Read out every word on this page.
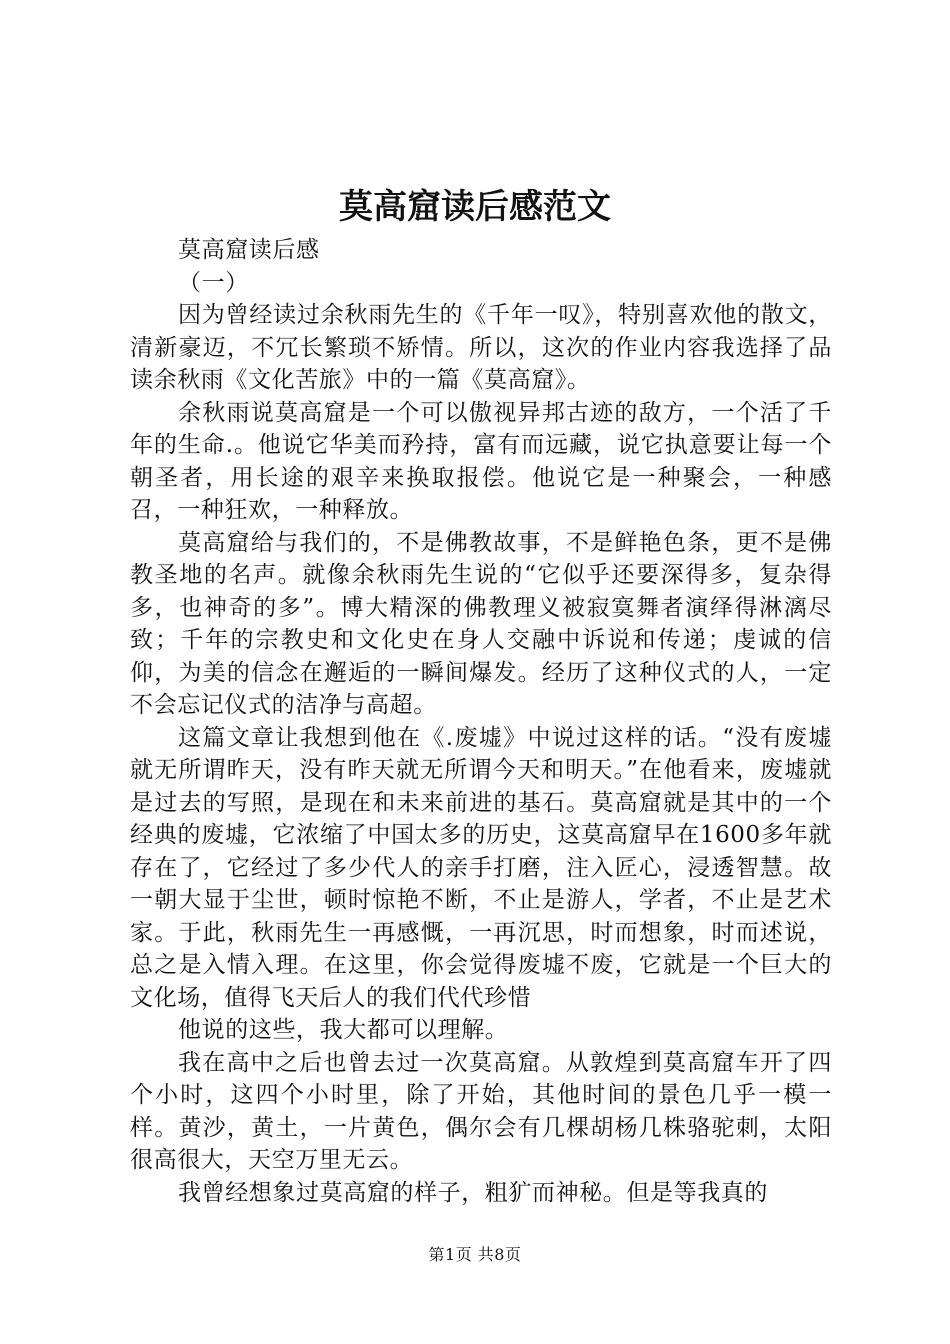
莫高窟读后感范文

莫高窟读后感

（一）

因为曾经读过余秋雨先生的《千年一叹》，特别喜欢他的散文，清新豪迈，不冗长繁琐不矫情。所以，这次的作业内容我选择了品读余秋雨《文化苦旅》中的一篇《莫高窟》。

余秋雨说莫高窟是一个可以傲视异邦古迹的敌方，一个活了千年的生命.。他说它华美而矜持，富有而远藏，说它执意要让每一个朝圣者，用长途的艰辛来换取报偿。他说它是一种聚会，一种感召，一种狂欢，一种释放。

莫高窟给与我们的，不是佛教故事，不是鲜艳色条，更不是佛教圣地的名声。就像余秋雨先生说的“它似乎还要深得多，复杂得多，也神奇的多”。博大精深的佛教理义被寂寞舞者演绎得淋漓尽致；千年的宗教史和文化史在身人交融中诉说和传递；虔诚的信仰，为美的信念在邂逅的一瞬间爆发。经历了这种仪式的人，一定不会忘记仪式的洁净与高超。

这篇文章让我想到他在《.废墟》中说过这样的话。“没有废墟就无所谓昨天，没有昨天就无所谓今天和明天。”在他看来，废墟就是过去的写照，是现在和未来前进的基石。莫高窟就是其中的一个经典的废墟，它浓缩了中国太多的历史，这莫高窟早在1600多年就存在了，它经过了多少代人的亲手打磨，注入匠心，浸透智慧。故一朝大显于尘世，顿时惊艳不断，不止是游人，学者，不止是艺术家。于此，秋雨先生一再感慨，一再沉思，时而想象，时而述说，总之是入情入理。在这里，你会觉得废墟不废，它就是一个巨大的文化场，值得飞天后人的我们代代珍惜

他说的这些，我大都可以理解。

我在高中之后也曾去过一次莫高窟。从敦煌到莫高窟车开了四个小时，这四个小时里，除了开始，其他时间的景色几乎一模一样。黄沙，黄土，一片黄色，偶尔会有几棵胡杨几株骆驼刺，太阳很高很大，天空万里无云。

我曾经想象过莫高窟的样子，粗犷而神秘。但是等我真的

第1页 共8页
